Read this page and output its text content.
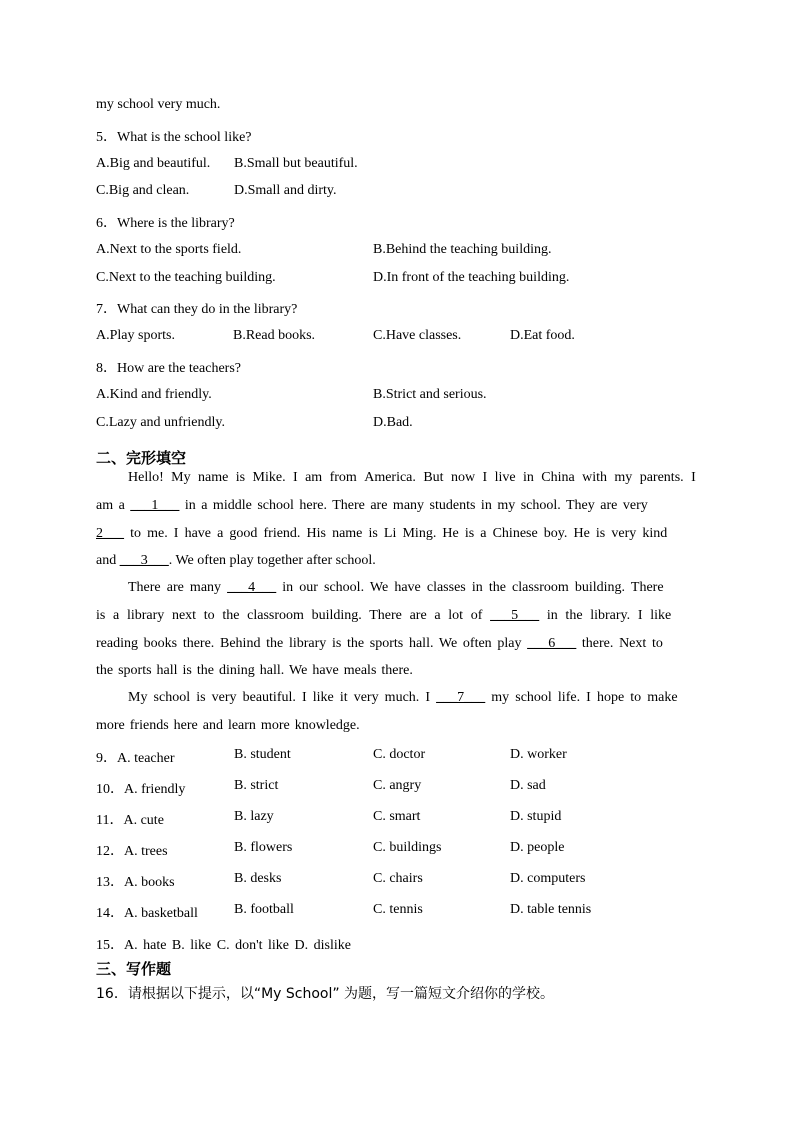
my school very much.
5．What is the school like?
A.Big and beautiful. B.Small but beautiful.
C.Big and clean.	D.Small and dirty.
6．Where is the library?
A.Next to the sports field.	B.Behind the teaching building.
C.Next to the teaching building.	D.In front of the teaching building.
7．What can they do in the library?
A.Play sports.	B.Read books.	C.Have classes.	D.Eat food.
8．How are the teachers?
A.Kind and friendly.	B.Strict and serious.
C.Lazy and unfriendly.	D.Bad.
二、完形填空
Hello! My name is Mike. I am from America. But now I live in China with my parents. I
am a ___1___ in a middle school here. There are many students in my school. They are very
2___ to me. I have a good friend. His name is Li Ming. He is a Chinese boy. He is very kind
and ___3___. We often play together after school.
There are many ___4___ in our school. We have classes in the classroom building. There
is a library next to the classroom building. There are a lot of ___5___ in the library. I like
reading books there. Behind the library is the sports hall. We often play ___6___ there. Next to
the sports hall is the dining hall. We have meals there.
My school is very beautiful. I like it very much. I ___7___ my school life. I hope to make
more friends here and learn more knowledge.
9．A. teacher	B. student	C. doctor	D. worker
10．A. friendly	B. strict	C. angry	D. sad
11．A. cute	B. lazy	C. smart	D. stupid
12．A. trees	B. flowers	C. buildings	D. people
13．A. books	B. desks	C. chairs	D. computers
14．A. basketball	B. football	C. tennis	D. table tennis
15．A. hate B. like C. don't like D. dislike
三、写作题
16．请根据以下提示，以“My School” 为题，写一篇短文介绍你的学校。
